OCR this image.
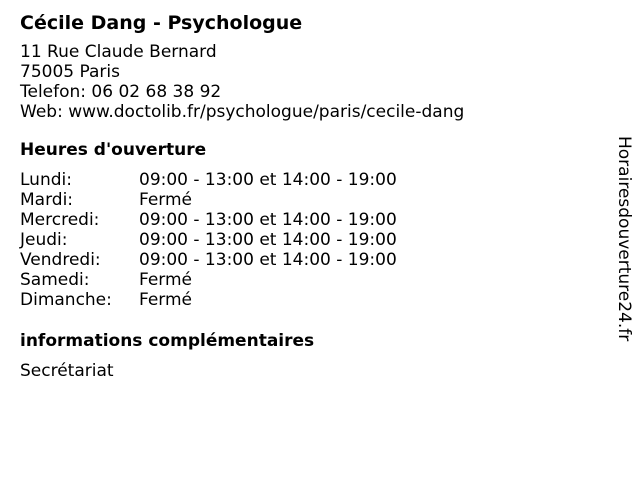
Cécile Dang - Psychologue
11 Rue Claude Bernard
75005 Paris
Telefon: 06 02 68 38 92
Web: www.doctolib.fr/psychologue/paris/cecile-dang
Heures d'ouverture
Lundi:	09:00 - 13:00 et 14:00 - 19:00
Mardi:	Fermé
Mercredi:	09:00 - 13:00 et 14:00 - 19:00
Jeudi:	09:00 - 13:00 et 14:00 - 19:00
Vendredi:	09:00 - 13:00 et 14:00 - 19:00
Samedi:	Fermé
Dimanche:	Fermé
informations complémentaires
Secrétariat
Horairesdouverture24.fr
